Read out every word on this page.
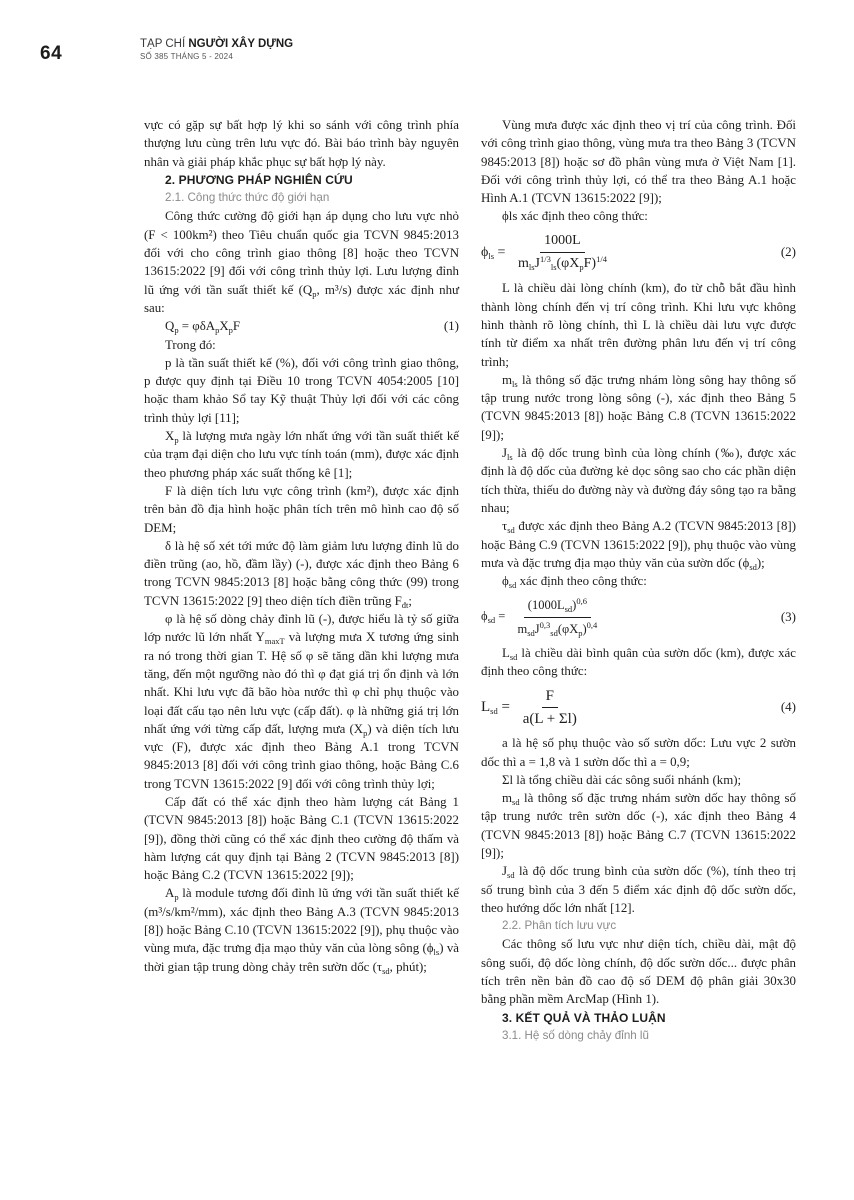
64	TẠP CHÍ NGƯỜI XÂY DỰNG
SỐ 385 THÁNG 5 - 2024

vực có gặp sự bất hợp lý khi so sánh với công trình phía thượng lưu cùng trên lưu vực đó. Bài báo trình bày nguyên nhân và giải pháp khắc phục sự bất hợp lý này.

2. PHƯƠNG PHÁP NGHIÊN CỨU

2.1. Công thức thức độ giới hạn

Công thức cường độ giới hạn áp dụng cho lưu vực nhỏ (F < 100km²) theo Tiêu chuẩn quốc gia TCVN 9845:2013 đối với cho công trình giao thông [8] hoặc theo TCVN 13615:2022 [9] đối với công trình thủy lợi. Lưu lượng đỉnh lũ ứng với tần suất thiết kế ($Q_p$, m³/s) được xác định như sau:

$Q_p = \varphi\delta A_pX_pF$	(1)

Trong đó:

p là tần suất thiết kế (%), đối với công trình giao thông, p được quy định tại Điều 10 trong TCVN 4054:2005 [10] hoặc tham khảo Sổ tay Kỹ thuật Thủy lợi đối với các công trình thủy lợi [11];

$X_p$ là lượng mưa ngày lớn nhất ứng với tần suất thiết kế của trạm đại diện cho lưu vực tính toán (mm), được xác định theo phương pháp xác suất thống kê [1];

F là diện tích lưu vực công trình (km²), được xác định trên bản đồ địa hình hoặc phân tích trên mô hình cao độ số DEM;

δ là hệ số xét tới mức độ làm giảm lưu lượng đỉnh lũ do điền trũng (ao, hồ, đầm lầy) (-), được xác định theo Bảng 6 trong TCVN 9845:2013 [8] hoặc bằng công thức (99) trong TCVN 13615:2022 [9] theo diện tích điền trũng $F_{đt}$;

φ là hệ số dòng chảy đỉnh lũ (-), được hiểu là tỷ số giữa lớp nước lũ lớn nhất $Y_{maxT}$ và lượng mưa X tương ứng sinh ra nó trong thời gian T. Hệ số φ sẽ tăng dần khi lượng mưa tăng, đến một ngưỡng nào đó thì φ đạt giá trị ổn định và lớn nhất. Khi lưu vực đã bão hòa nước thì φ chỉ phụ thuộc vào loại đất cấu tạo nên lưu vực (cấp đất). φ là những giá trị lớn nhất ứng với từng cấp đất, lượng mưa $(X_p)$ và diện tích lưu vực (F), được xác định theo Bảng A.1 trong TCVN 9845:2013 [8] đối với công trình giao thông, hoặc Bảng C.6 trong TCVN 13615:2022 [9] đối với công trình thủy lợi;

Cấp đất có thể xác định theo hàm lượng cát Bảng 1 (TCVN 9845:2013 [8]) hoặc Bảng C.1 (TCVN 13615:2022 [9]), đồng thời cũng có thể xác định theo cường độ thấm và hàm lượng cát quy định tại Bảng 2 (TCVN 9845:2013 [8]) hoặc Bảng C.2 (TCVN 13615:2022 [9]);

$A_p$ là module tương đối đỉnh lũ ứng với tần suất thiết kế (m³/s/km²/mm), xác định theo Bảng A.3 (TCVN 9845:2013 [8]) hoặc Bảng C.10 (TCVN 13615:2022 [9]), phụ thuộc vào vùng mưa, đặc trưng địa mạo thủy văn của lòng sông $(\phi_{ls})$ và thời gian tập trung dòng chảy trên sườn dốc ($\tau_{sd}$, phút);

Vùng mưa được xác định theo vị trí của công trình. Đối với công trình giao thông, vùng mưa tra theo Bảng 3 (TCVN 9845:2013 [8]) hoặc sơ đồ phân vùng mưa ở Việt Nam [1]. Đối với công trình thủy lợi, có thể tra theo Bảng A.1 hoặc Hình A.1 (TCVN 13615:2022 [9]);

ϕls xác định theo công thức:

$\phi_{ls} = \frac{1000L}{m_{ls}J^{1/3}_{ls}(\varphi X_pF)^{1/4}}$	(2)

L là chiều dài lòng chính (km), đo từ chỗ bắt đầu hình thành lòng chính đến vị trí công trình. Khi lưu vực không hình thành rõ lòng chính, thì L là chiều dài lưu vực được tính từ điểm xa nhất trên đường phân lưu đến vị trí công trình;

$m_{ls}$ là thông số đặc trưng nhám lòng sông hay thông số tập trung nước trong lòng sông (-), xác định theo Bảng 5 (TCVN 9845:2013 [8]) hoặc Bảng C.8 (TCVN 13615:2022 [9]);

$J_{ls}$ là độ dốc trung bình của lòng chính (‰), được xác định là độ dốc của đường kẻ dọc sông sao cho các phần diện tích thừa, thiếu do đường này và đường đáy sông tạo ra bằng nhau;

$\tau_{sd}$ được xác định theo Bảng A.2 (TCVN 9845:2013 [8]) hoặc Bảng C.9 (TCVN 13615:2022 [9]), phụ thuộc vào vùng mưa và đặc trưng địa mạo thủy văn của sườn dốc $(\phi_{sd})$;

$\phi_{sd}$ xác định theo công thức:

$\phi_{sd} = \frac{(1000L_{sd})^{0,6}}{m_{sd}J^{0,3}_{sd}(\varphi X_p)^{0,4}}$	(3)

$L_{sd}$ là chiều dài bình quân của sườn dốc (km), được xác định theo công thức:

$L_{sd} = \frac{F}{a(L + \Sigma l)}$	(4)

a là hệ số phụ thuộc vào số sườn dốc: Lưu vực 2 sườn dốc thì a = 1,8 và 1 sườn dốc thì a = 0,9;

Σl là tổng chiều dài các sông suối nhánh (km);

$m_{sd}$ là thông số đặc trưng nhám sườn dốc hay thông số tập trung nước trên sườn dốc (-), xác định theo Bảng 4 (TCVN 9845:2013 [8]) hoặc Bảng C.7 (TCVN 13615:2022 [9]);

$J_{sd}$ là độ dốc trung bình của sườn dốc (%), tính theo trị số trung bình của 3 đến 5 điểm xác định độ dốc sườn dốc, theo hướng dốc lớn nhất [12].

2.2. Phân tích lưu vực

Các thông số lưu vực như diện tích, chiều dài, mật độ sông suối, độ dốc lòng chính, độ dốc sườn dốc... được phân tích trên nền bản đồ cao độ số DEM độ phân giải 30x30 bằng phần mềm ArcMap (Hình 1).

3. KẾT QUẢ VÀ THẢO LUẬN

3.1. Hệ số dòng chảy đỉnh lũ
